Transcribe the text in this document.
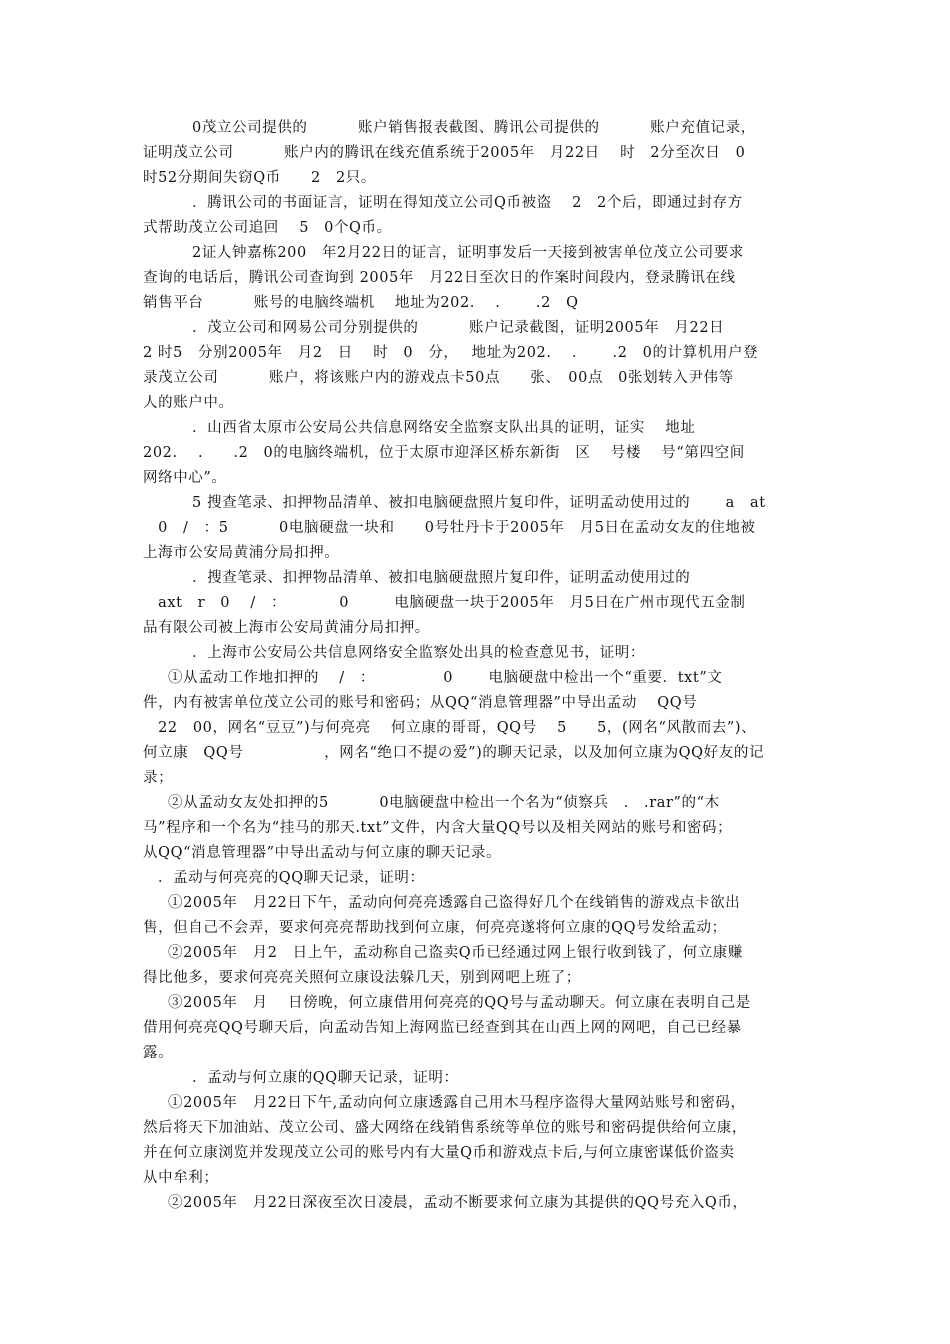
0茂立公司提供的　　　 账户销售报表截图、腾讯公司提供的　　　 账户充值记录，
证明茂立公司　　　 账户内的腾讯在线充值系统于2005年　月22日　 时　2分至次日　0
时52分期间失窃Q币　　2　2只。
．腾讯公司的书面证言，证明在得知茂立公司Q币被盗　 2　2个后，即通过封存方
式帮助茂立公司追回　 5　0个Q币。
2证人钟嘉栋200　年2月22日的证言，证明事发后一天接到被害单位茂立公司要求
查询的电话后，腾讯公司查询到 2005年　月22日至次日的作案时间段内，登录腾讯在线
销售平台　　　 账号的电脑终端机　 地址为202.　 .　　 .2　Q
．茂立公司和网易公司分别提供的　　　 账户记录截图，证明2005年　月22日
2 时5　分别2005年　月2　日　 时　0　分，　 地址为202.　 .　　 .2　0的计算机用户登
录茂立公司　　　 账户，将该账户内的游戏点卡50点　　张、　00点　0张划转入尹伟等
人的账户中。
．山西省太原市公安局公共信息网络安全监察支队出具的证明，证实　 地址
202.　 .　　.2　0的电脑终端机，位于太原市迎泽区桥东新街　区　 号楼　 号“第四空间
网络中心”。
5 搜查笔录、扣押物品清单、被扣电脑硬盘照片复印件，证明孟动使用过的　　 a　at
　0　/　：5　　　 0电脑硬盘一块和　　0号牡丹卡于2005年　月5日在孟动女友的住地被
上海市公安局黄浦分局扣押。
．搜查笔录、扣押物品清单、被扣电脑硬盘照片复印件，证明孟动使用过的
　axt　r　0　 /　：　　　　0　　　电脑硬盘一块于2005年　月5日在广州市现代五金制
品有限公司被上海市公安局黄浦分局扣押。
．上海市公安局公共信息网络安全监察处出具的检查意见书，证明：
①从孟动工作地扣押的　 /　：　　　　　0　　 电脑硬盘中检出一个“重要．txt”文
件，内有被害单位茂立公司的账号和密码；从QQ“消息管理器”中导出孟动　 QQ号
　22　00，网名“豆豆”)与何亮亮　 何立康的哥哥，QQ号　 5　　5，(网名“风散而去”)、
何立康　QQ号　　　　　 ，网名“绝口不提の爱”)的聊天记录，以及加何立康为QQ好友的记
录；
②从孟动女友处扣押的5　　　 0电脑硬盘中检出一个名为“侦察兵　.　.rar”的“木
马”程序和一个名为“挂马的那天.txt”文件，内含大量QQ号以及相关网站的账号和密码；
从QQ“消息管理器”中导出孟动与何立康的聊天记录。
．孟动与何亮亮的QQ聊天记录，证明：
①2005年　月22日下午，孟动向何亮亮透露自己盗得好几个在线销售的游戏点卡欲出
售，但自己不会弄，要求何亮亮帮助找到何立康，何亮亮遂将何立康的QQ号发给孟动；
②2005年　月2　日上午，孟动称自己盗卖Q币已经通过网上银行收到钱了，何立康赚
得比他多，要求何亮亮关照何立康设法躲几天，别到网吧上班了；
③2005年　月　 日傍晚，何立康借用何亮亮的QQ号与孟动聊天。何立康在表明自己是
借用何亮亮QQ号聊天后，向孟动告知上海网监已经查到其在山西上网的网吧，自己已经暴
露。
．孟动与何立康的QQ聊天记录，证明：
①2005年　月22日下午,孟动向何立康透露自己用木马程序盗得大量网站账号和密码，
然后将天下加油站、茂立公司、盛大网络在线销售系统等单位的账号和密码提供给何立康，
并在何立康浏览并发现茂立公司的账号内有大量Q币和游戏点卡后,与何立康密谋低价盗卖
从中牟利；
②2005年　月22日深夜至次日凌晨，孟动不断要求何立康为其提供的QQ号充入Q币，
